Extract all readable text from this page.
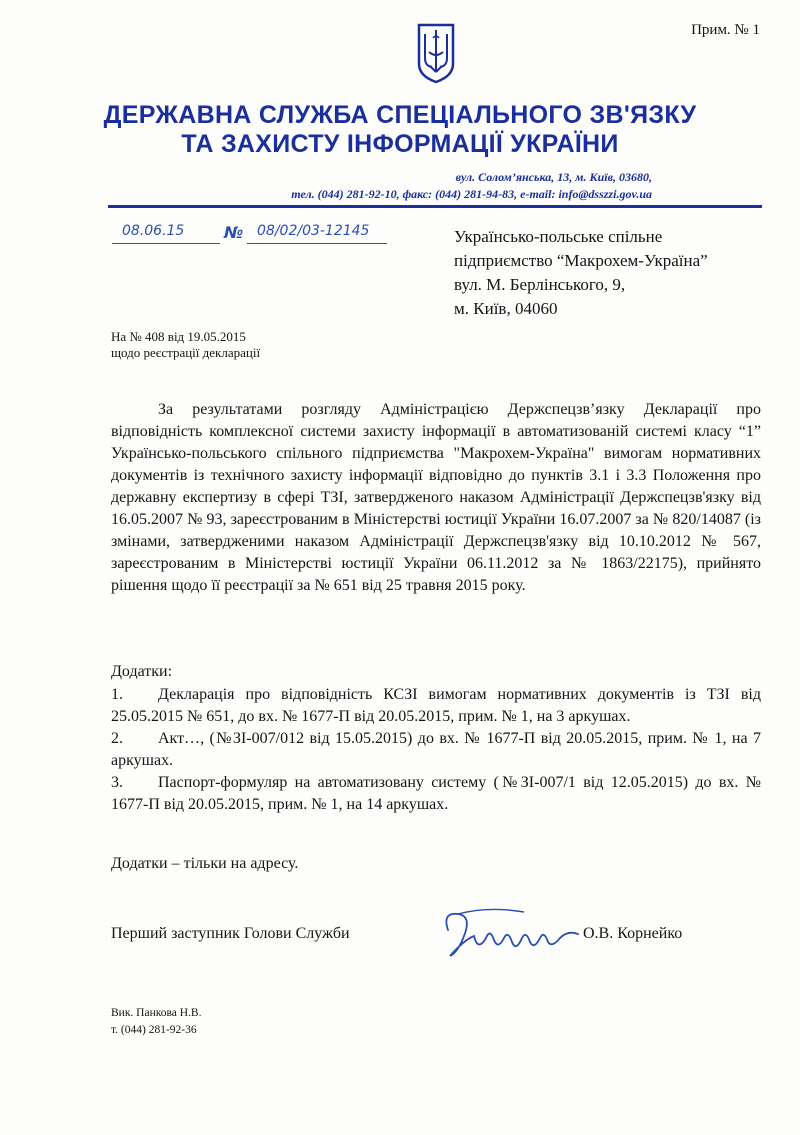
Прим. № 1
ДЕРЖАВНА СЛУЖБА СПЕЦІАЛЬНОГО ЗВ'ЯЗКУ
ТА ЗАХИСТУ ІНФОРМАЦІЇ УКРАЇНИ
вул. Солом’янська, 13, м. Київ, 03680,
тел. (044) 281-92-10, факс: (044) 281-94-83, e-mail: info@dsszzi.gov.ua
08.06.15 № 08/02/03-12145	Українсько-польське спільне
підприємство “Макрохем-Україна”
вул. М. Берлінського, 9,
м. Київ, 04060
На № 408 від 19.05.2015
щодо реєстрації декларації
За результатами розгляду Адміністрацією Держспецзв’язку Декларації про відповідність комплексної системи захисту інформації в автоматизованій системі класу “1” Українсько-польського спільного підприємства "Макрохем-Україна" вимогам нормативних документів із технічного захисту інформації відповідно до пунктів 3.1 і 3.3 Положення про державну експертизу в сфері ТЗІ, затвердженого наказом Адміністрації Держспецзв'язку від 16.05.2007 № 93, зареєстрованим в Міністерстві юстиції України 16.07.2007 за № 820/14087 (із змінами, затвердженими наказом Адміністрації Держспецзв'язку від 10.10.2012 № 567, зареєстрованим в Міністерстві юстиції України 06.11.2012 за № 1863/22175), прийнято рішення щодо її реєстрації за № 651 від 25 травня 2015 року.
Додатки:
1. Декларація про відповідність КСЗІ вимогам нормативних документів із ТЗІ від 25.05.2015 № 651, до вх. № 1677-П від 20.05.2015, прим. № 1, на 3 аркушах.
2. Акт…, (№ЗІ-007/012 від 15.05.2015) до вх. № 1677-П від 20.05.2015, прим. № 1, на 7 аркушах.
3. Паспорт-формуляр на автоматизовану систему (№ЗІ-007/1 від 12.05.2015) до вх. № 1677-П від 20.05.2015, прим. № 1, на 14 аркушах.
Додатки – тільки на адресу.
Перший заступник Голови Служби	О.В. Корнейко
Вик. Панкова Н.В.
т. (044) 281-92-36
